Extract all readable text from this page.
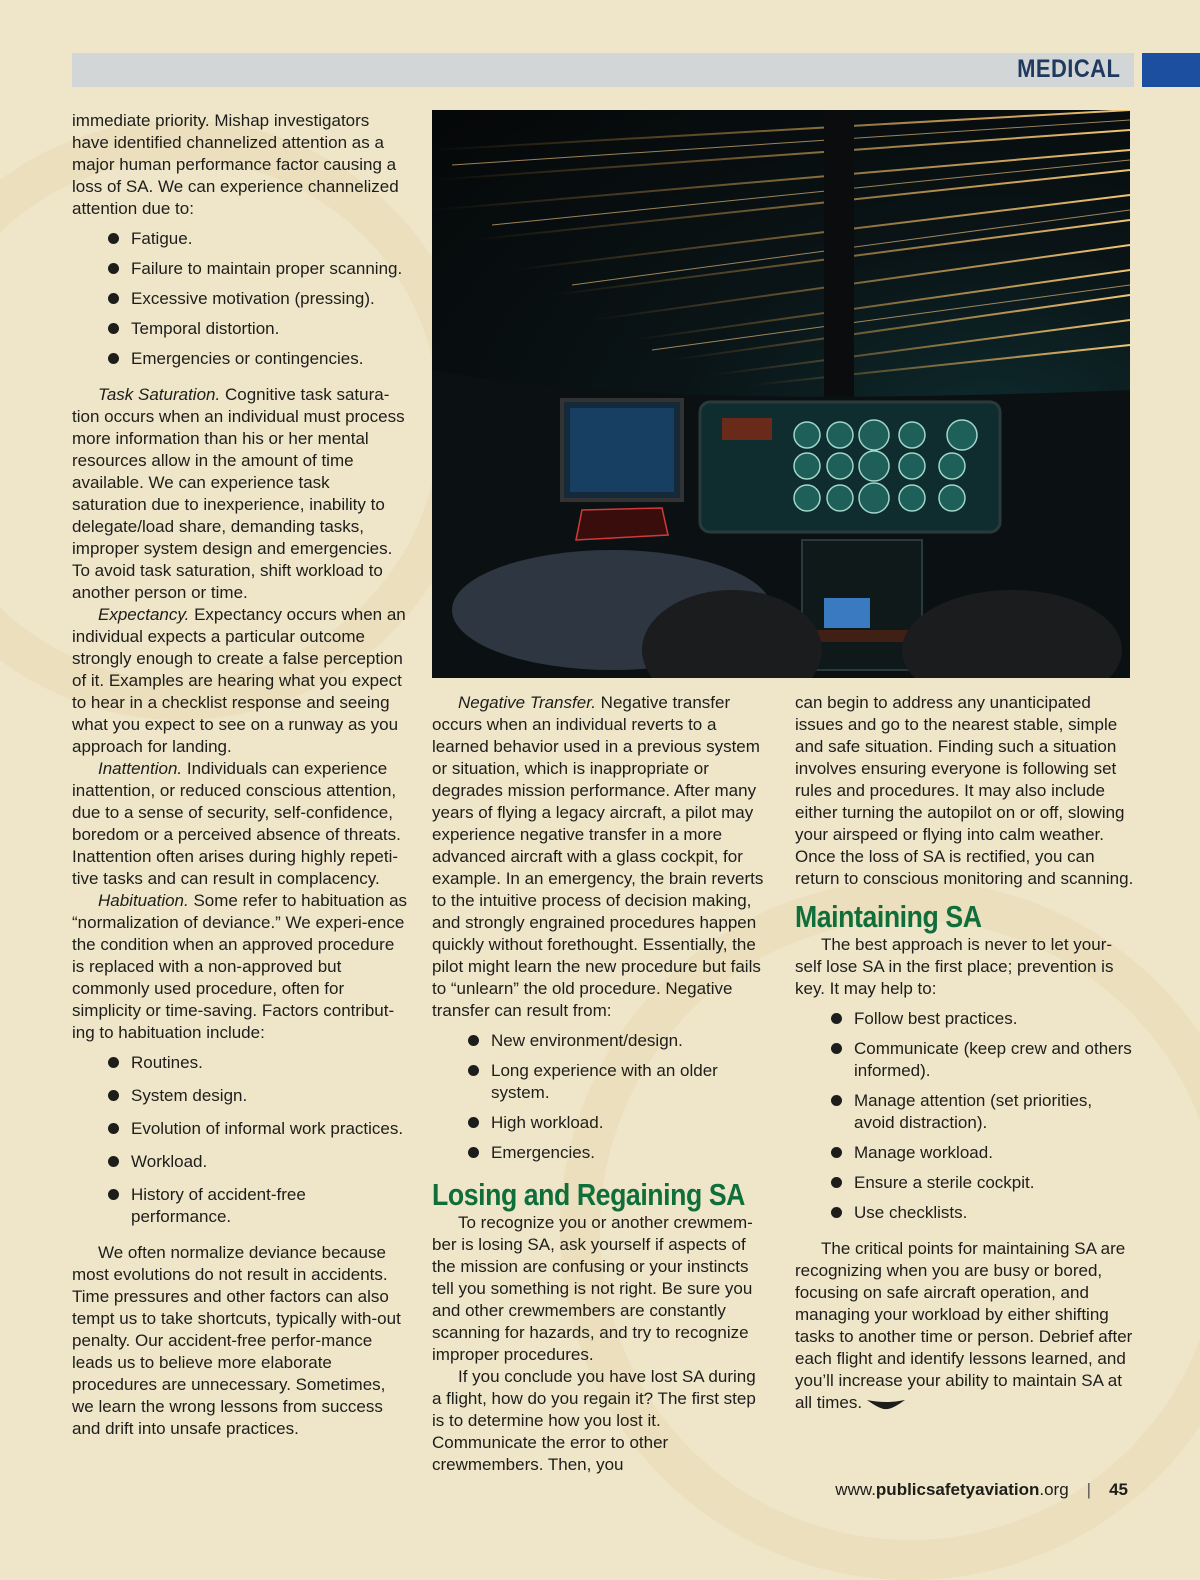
MEDICAL

immediate priority. Mishap investigators have identified channelized attention as a major human performance factor causing a loss of SA. We can experience channelized attention due to:

Fatigue.
Failure to maintain proper scanning.
Excessive motivation (pressing).
Temporal distortion.
Emergencies or contingencies.

Task Saturation. Cognitive task satura-tion occurs when an individual must process more information than his or her mental resources allow in the amount of time available. We can experience task saturation due to inexperience, inability to delegate/load share, demanding tasks, improper system design and emergencies. To avoid task saturation, shift workload to another person or time.

Expectancy. Expectancy occurs when an individual expects a particular outcome strongly enough to create a false perception of it. Examples are hearing what you expect to hear in a checklist response and seeing what you expect to see on a runway as you approach for landing.

Inattention. Individuals can experience inattention, or reduced conscious attention, due to a sense of security, self-confidence, boredom or a perceived absence of threats. Inattention often arises during highly repeti-tive tasks and can result in complacency.

Habituation. Some refer to habituation as “normalization of deviance.” We experi-ence the condition when an approved procedure is replaced with a non-approved but commonly used procedure, often for simplicity or time-saving. Factors contribut-ing to habituation include:

Routines.
System design.
Evolution of informal work practices.
Workload.
History of accident-free performance.

We often normalize deviance because most evolutions do not result in accidents. Time pressures and other factors can also tempt us to take shortcuts, typically with-out penalty. Our accident-free perfor-mance leads us to believe more elaborate procedures are unnecessary. Sometimes, we learn the wrong lessons from success and drift into unsafe practices.

Negative Transfer. Negative transfer occurs when an individual reverts to a learned behavior used in a previous system or situation, which is inappropriate or degrades mission performance. After many years of flying a legacy aircraft, a pilot may experience negative transfer in a more advanced aircraft with a glass cockpit, for example. In an emergency, the brain reverts to the intuitive process of decision making, and strongly engrained procedures happen quickly without forethought. Essentially, the pilot might learn the new procedure but fails to “unlearn” the old procedure. Negative transfer can result from:

New environment/design.
Long experience with an older system.
High workload.
Emergencies.
Losing and Regaining SA

To recognize you or another crewmem-ber is losing SA, ask yourself if aspects of the mission are confusing or your instincts tell you something is not right. Be sure you and other crewmembers are constantly scanning for hazards, and try to recognize improper procedures.

If you conclude you have lost SA during a flight, how do you regain it? The first step is to determine how you lost it. Communicate the error to other crewmembers. Then, you

can begin to address any unanticipated issues and go to the nearest stable, simple and safe situation. Finding such a situation involves ensuring everyone is following set rules and procedures. It may also include either turning the autopilot on or off, slowing your airspeed or flying into calm weather. Once the loss of SA is rectified, you can return to conscious monitoring and scanning.

Maintaining SA

The best approach is never to let your-self lose SA in the first place; prevention is key. It may help to:

Follow best practices.
Communicate (keep crew and others informed).
Manage attention (set priorities, avoid distraction).
Manage workload.
Ensure a sterile cockpit.
Use checklists.

The critical points for maintaining SA are recognizing when you are busy or bored, focusing on safe aircraft operation, and managing your workload by either shifting tasks to another time or person. Debrief after each flight and identify lessons learned, and you’ll increase your ability to maintain SA at all times.

www.publicsafetyaviation.org | 45
